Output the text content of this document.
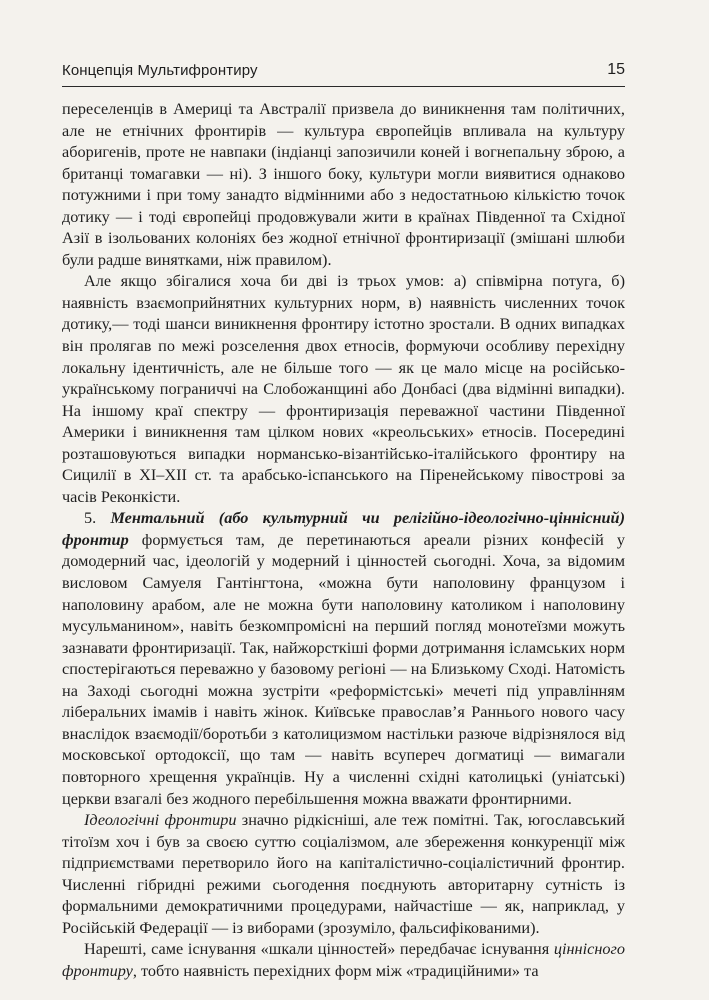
Концепція Мультифронтиру	15

переселенців в Америці та Австралії призвела до виникнення там політичних, але не етнічних фронтирів — культура європейців впливала на культуру аборигенів, проте не навпаки (індіанці запозичили коней і вогнепальну зброю, а британці томагавки — ні). З іншого боку, культури могли виявитися однаково потужними і при тому занадто відмінними або з недостатньою кількістю точок дотику — і тоді європейці продовжували жити в країнах Південної та Східної Азії в ізольованих колоніях без жодної етнічної фронтиризації (змішані шлюби були радше винятками, ніж правилом).

Але якщо збігалися хоча би дві із трьох умов: а) співмірна потуга, б) наявність взаємоприйнятних культурних норм, в) наявність численних точок дотику,— тоді шанси виникнення фронтиру істотно зростали. В одних випадках він пролягав по межі розселення двох етносів, формуючи особливу перехідну локальну ідентичність, але не більше того — як це мало місце на російсько-українському пограниччі на Слобожанщині або Донбасі (два відмінні випадки). На іншому краї спектру — фронтиризація переважної частини Південної Америки і виникнення там цілком нових «креольських» етносів. Посередині розташовуються випадки нормансько-візантійсько-італійського фронтиру на Сицилії в XI–XII ст. та арабсько-іспанського на Піренейському півострові за часів Реконкісти.

5. Ментальний (або культурний чи релігійно-ідеологічно-ціннісний) фронтир формується там, де перетинаються ареали різних конфесій у домодерний час, ідеологій у модерний і цінностей сьогодні. Хоча, за відомим висловом Самуеля Гантінгтона, «можна бути наполовину французом і наполовину арабом, але не можна бути наполовину католиком і наполовину мусульманином», навіть безкомпромісні на перший погляд монотеїзми можуть зазнавати фронтиризації. Так, найжорсткіші форми дотримання ісламських норм спостерігаються переважно у базовому регіоні — на Близькому Сході. Натомість на Заході сьогодні можна зустріти «реформістські» мечеті під управлінням ліберальних імамів і навіть жінок. Київське православ’я Раннього нового часу внаслідок взаємодії/боротьби з католицизмом настільки разюче відрізнялося від московської ортодоксії, що там — навіть всупереч догматиці — вимагали повторного хрещення українців. Ну а численні східні католицькі (уніатські) церкви взагалі без жодного перебільшення можна вважати фронтирними.

Ідеологічні фронтири значно рідкісніші, але теж помітні. Так, югославський тітоїзм хоч і був за своєю суттю соціалізмом, але збереження конкуренції між підприємствами перетворило його на капіталістично-соціалістичний фронтир. Численні гібридні режими сьогодення поєднують авторитарну сутність із формальними демократичними процедурами, найчастіше — як, наприклад, у Російській Федерації — із виборами (зрозуміло, фальсифікованими).

Нарешті, саме існування «шкали цінностей» передбачає існування ціннісного фронтиру, тобто наявність перехідних форм між «традиційними» та
